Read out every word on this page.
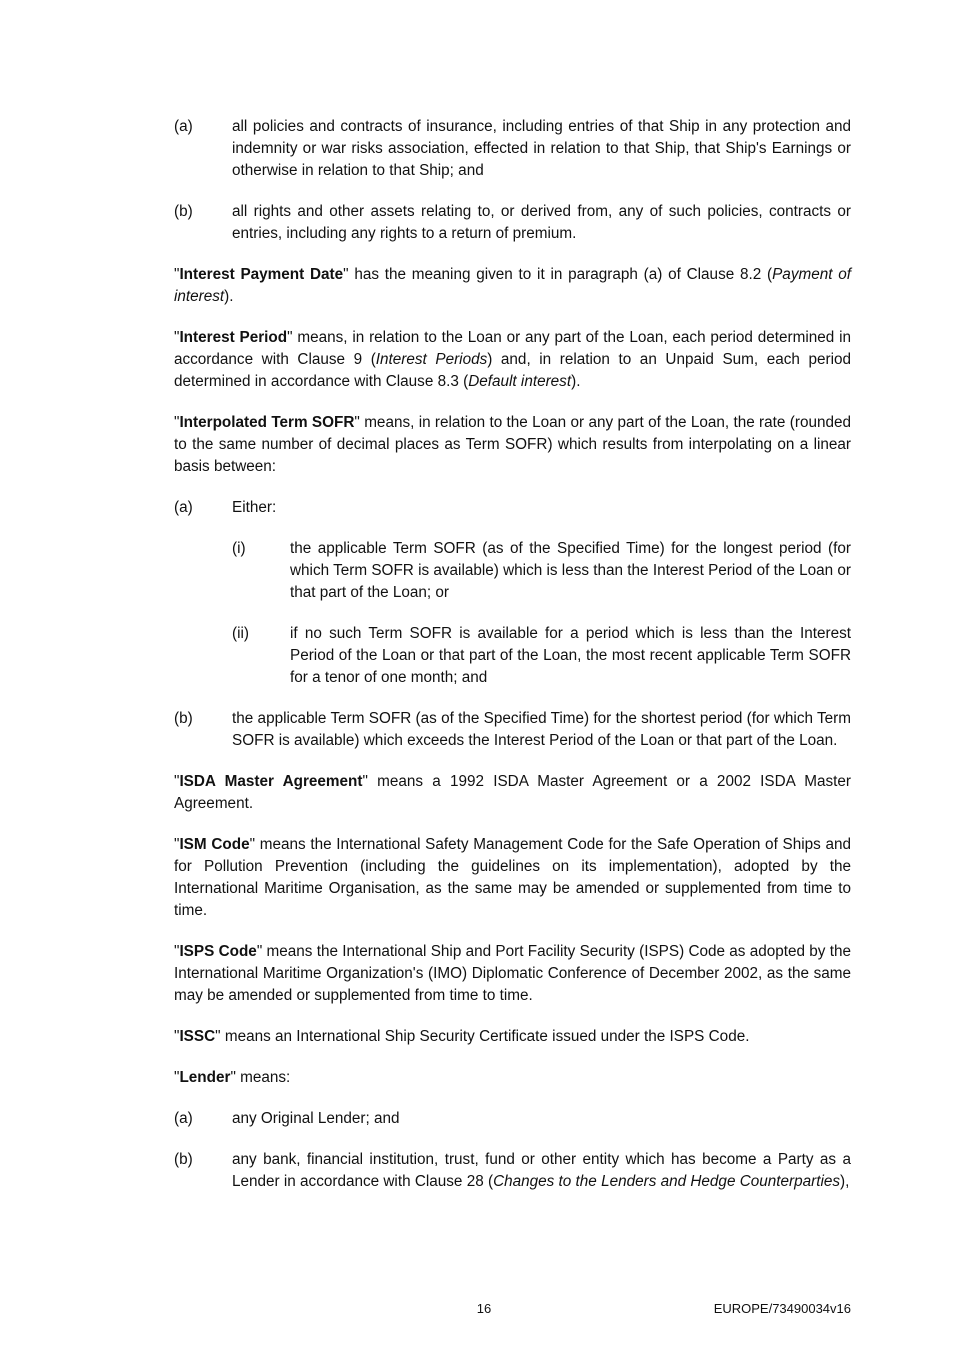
(a)	all policies and contracts of insurance, including entries of that Ship in any protection and indemnity or war risks association, effected in relation to that Ship, that Ship's Earnings or otherwise in relation to that Ship; and
(b)	all rights and other assets relating to, or derived from, any of such policies, contracts or entries, including any rights to a return of premium.

"Interest Payment Date" has the meaning given to it in paragraph (a) of Clause 8.2 (Payment of interest).

"Interest Period" means, in relation to the Loan or any part of the Loan, each period determined in accordance with Clause 9 (Interest Periods) and, in relation to an Unpaid Sum, each period determined in accordance with Clause 8.3 (Default interest).

"Interpolated Term SOFR" means, in relation to the Loan or any part of the Loan, the rate (rounded to the same number of decimal places as Term SOFR) which results from interpolating on a linear basis between:

(a)	Either:
(i)	the applicable Term SOFR (as of the Specified Time) for the longest period (for which Term SOFR is available) which is less than the Interest Period of the Loan or that part of the Loan; or
(ii)	if no such Term SOFR is available for a period which is less than the Interest Period of the Loan or that part of the Loan, the most recent applicable Term SOFR for a tenor of one month; and
(b)	the applicable Term SOFR (as of the Specified Time) for the shortest period (for which Term SOFR is available) which exceeds the Interest Period of the Loan or that part of the Loan.

"ISDA Master Agreement" means a 1992 ISDA Master Agreement or a 2002 ISDA Master Agreement.

"ISM Code" means the International Safety Management Code for the Safe Operation of Ships and for Pollution Prevention (including the guidelines on its implementation), adopted by the International Maritime Organisation, as the same may be amended or supplemented from time to time.

"ISPS Code" means the International Ship and Port Facility Security (ISPS) Code as adopted by the International Maritime Organization's (IMO) Diplomatic Conference of December 2002, as the same may be amended or supplemented from time to time.

"ISSC" means an International Ship Security Certificate issued under the ISPS Code.

"Lender" means:

(a)	any Original Lender; and
(b)	any bank, financial institution, trust, fund or other entity which has become a Party as a Lender in accordance with Clause 28 (Changes to the Lenders and Hedge Counterparties),
16	EUROPE/73490034v16
